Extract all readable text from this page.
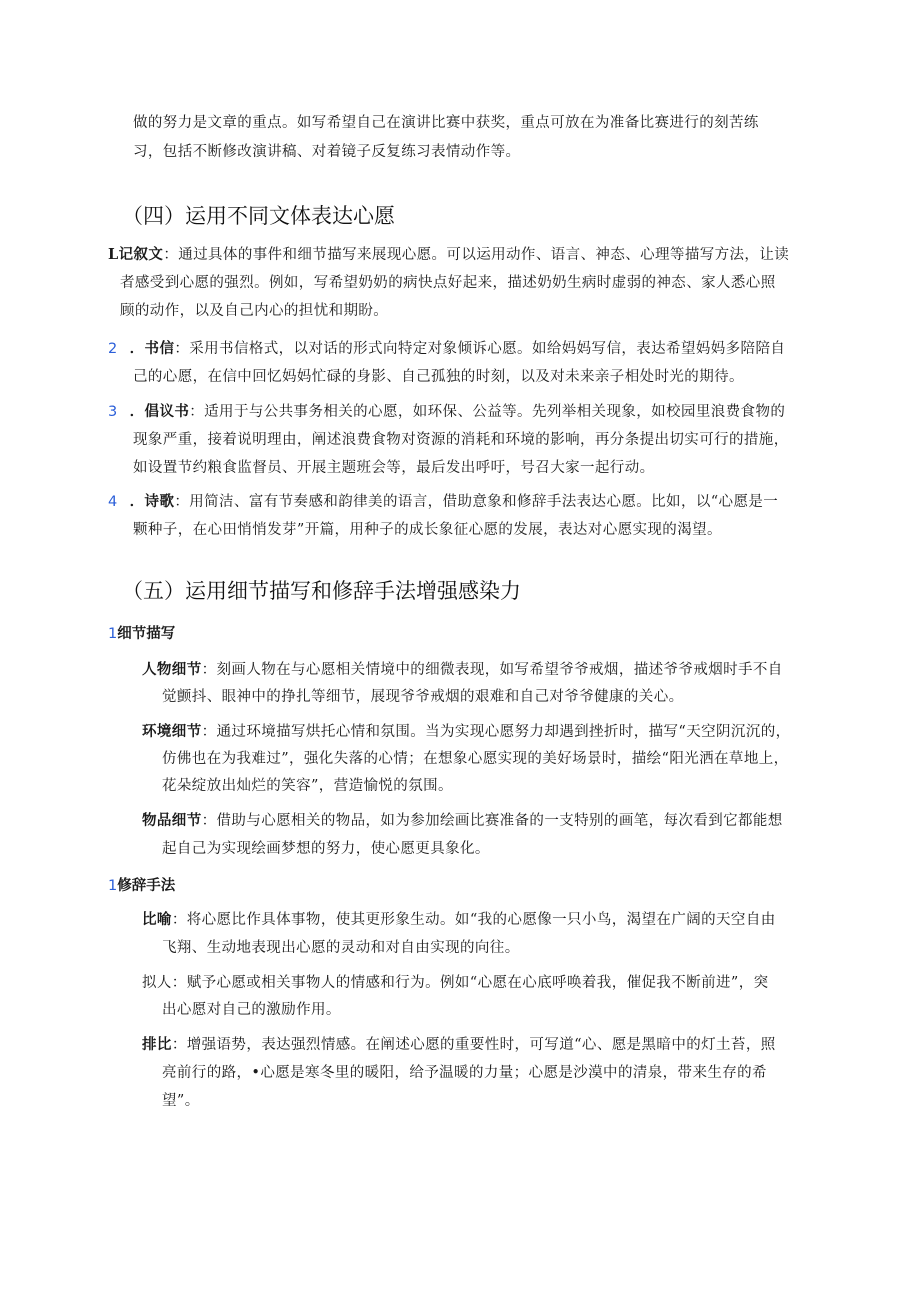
做的努力是文章的重点。如写希望自己在演讲比赛中获奖，重点可放在为准备比赛进行的刻苦练
习，包括不断修改演讲稿、对着镜子反复练习表情动作等。
（四）运用不同文体表达心愿
L记叙文：通过具体的事件和细节描写来展现心愿。可以运用动作、语言、神态、心理等描写方法，让读
者感受到心愿的强烈。例如，写希望奶奶的病快点好起来，描述奶奶生病时虚弱的神态、家人悉心照
顾的动作，以及自己内心的担忧和期盼。
2 ．书信：采用书信格式，以对话的形式向特定对象倾诉心愿。如给妈妈写信，表达希望妈妈多陪陪自
己的心愿，在信中回忆妈妈忙碌的身影、自己孤独的时刻，以及对未来亲子相处时光的期待。
3 ．倡议书：适用于与公共事务相关的心愿，如环保、公益等。先列举相关现象，如校园里浪费食物的
现象严重，接着说明理由，阐述浪费食物对资源的消耗和环境的影响，再分条提出切实可行的措施，
如设置节约粮食监督员、开展主题班会等，最后发出呼吁，号召大家一起行动。
4 ．诗歌：用简洁、富有节奏感和韵律美的语言，借助意象和修辞手法表达心愿。比如，以“心愿是一
颗种子，在心田悄悄发芽”开篇，用种子的成长象征心愿的发展，表达对心愿实现的渴望。
（五）运用细节描写和修辞手法增强感染力
1细节描写
人物细节：刻画人物在与心愿相关情境中的细微表现，如写希望爷爷戒烟，描述爷爷戒烟时手不自
觉颤抖、眼神中的挣扎等细节，展现爷爷戒烟的艰难和自己对爷爷健康的关心。
环境细节：通过环境描写烘托心情和氛围。当为实现心愿努力却遇到挫折时，描写“天空阴沉沉的，
仿佛也在为我难过”，强化失落的心情；在想象心愿实现的美好场景时，描绘“阳光洒在草地上，
花朵绽放出灿烂的笑容”，营造愉悦的氛围。
物品细节：借助与心愿相关的物品，如为参加绘画比赛准备的一支特别的画笔，每次看到它都能想
起自己为实现绘画梦想的努力，使心愿更具象化。
1修辞手法
比喻：将心愿比作具体事物，使其更形象生动。如“我的心愿像一只小鸟，渴望在广阔的天空自由
飞翔、生动地表现出心愿的灵动和对自由实现的向往。
拟人：赋予心愿或相关事物人的情感和行为。例如“心愿在心底呼唤着我，催促我不断前进”，突
出心愿对自己的激励作用。
排比：增强语势，表达强烈情感。在阐述心愿的重要性时，可写道“心、愿是黑暗中的灯土苔，照
亮前行的路，•心愿是寒冬里的暖阳，给予温暖的力量；心愿是沙漠中的清泉，带来生存的希
望”。
